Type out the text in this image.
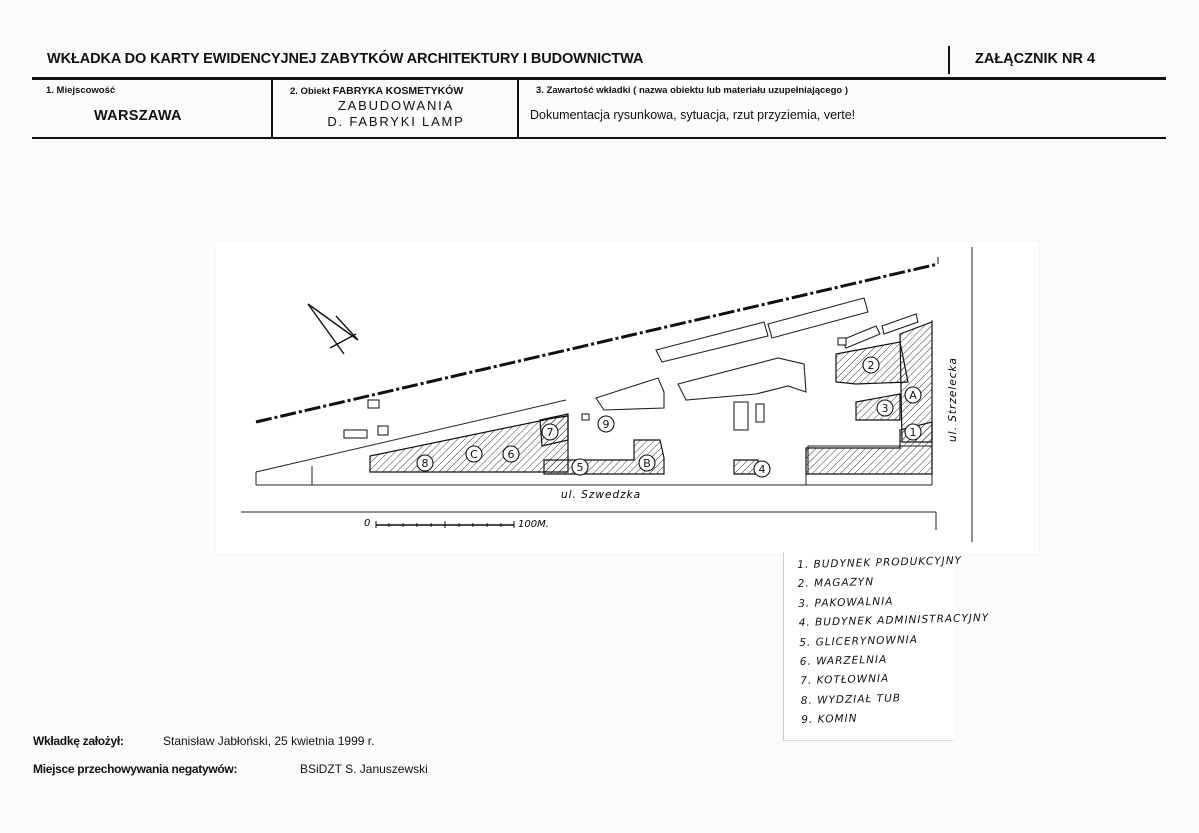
WKŁADKA DO KARTY EWIDENCYJNEJ ZABYTKÓW ARCHITEKTURY I BUDOWNICTWA	ZAŁĄCZNIK NR 4
1. Miejscowość
WARSZAWA
2. Obiekt FABRYKA KOSMETYKÓW
ZABUDOWANIA
D. FABRYKI LAMP
3. Zawartość wkładki ( nazwa obiektu lub materiału uzupełniającego )
Dokumentacja rysunkowa, sytuacja, rzut przyziemia, verte!
8
C	6
7
9
5	B	4
2
3
A
1
ul. Szwedzka
ul. Strzelecka
0	100M.
1. BUDYNEK PRODUKCYJNY
2. MAGAZYN
3. PAKOWALNIA
4. BUDYNEK ADMINISTRACYJNY
5. GLICERYNOWNIA
6. WARZELNIA
7. KOTŁOWNIA
8. WYDZIAŁ TUB
9. KOMIN
Wkładkę założył:	Stanisław Jabłoński, 25 kwietnia 1999 r.
Miejsce przechowywania negatywów:	BSiDZT S. Januszewski
